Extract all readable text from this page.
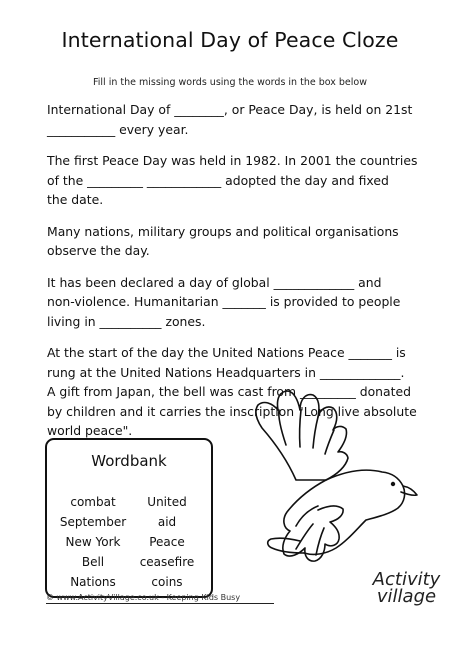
International Day of Peace Cloze
Fill in the missing words using the words in the box below

International Day of ________, or Peace Day, is held on 21st
___________ every year.

The first Peace Day was held in 1982. In 2001 the countries
of the _________ ____________ adopted the day and fixed
the date.

Many nations, military groups and political organisations
observe the day.

It has been declared a day of global _____________ and
non-violence. Humanitarian _______ is provided to people
living in __________ zones.

At the start of the day the United Nations Peace _______ is
rung at the United Nations Headquarters in _____________.
A gift from Japan, the bell was cast from _________ donated
by children and it carries the inscription "Long live absolute
world peace".

Wordbank
combat
September
New York
Bell
Nations
United
aid
Peace
ceasefire
coins
© www.ActivityVillage.co.uk - Keeping Kids Busy
Activity
village
